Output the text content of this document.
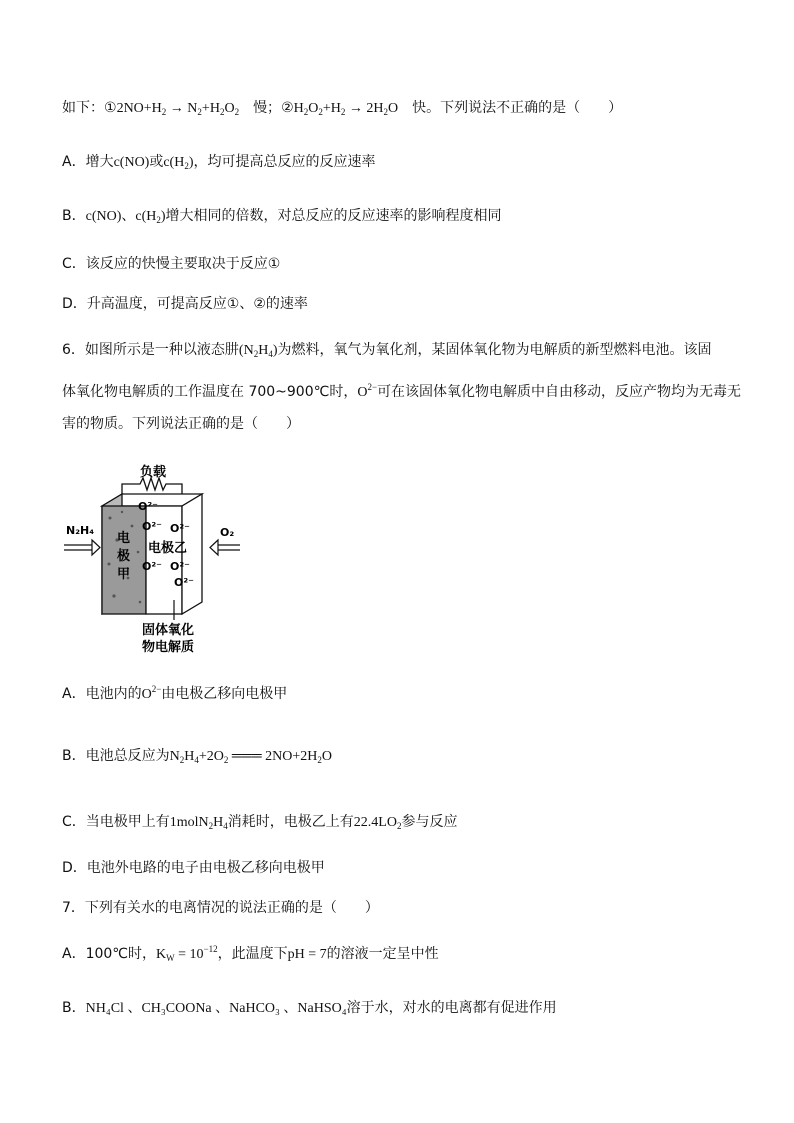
如下：$①2NO+H_2 \to N_2+H_2O_2$ 慢；$②H_2O_2+H_2 \to 2H_2O$ 快。下列说法不正确的是（　　）
A．增大c(NO)或$c(H_2)$，均可提高总反应的反应速率
B．c(NO)、$c(H_2)$增大相同的倍数，对总反应的反应速率的影响程度相同
C．该反应的快慢主要取决于反应①
D．升高温度，可提高反应①、②的速率
6．如图所示是一种以液态肼$(N_2H_4)$为燃料，氧气为氧化剂，某固体氧化物为电解质的新型燃料电池。该固
体氧化物电解质的工作温度在 700~900℃时，$O^{2-}$可在该固体氧化物电解质中自由移动，反应产物均为无毒无
害的物质。下列说法正确的是（　　）
负载
电
极
甲
O²⁻
O²⁻ O²⁻
O²⁻ O²⁻
O²⁻
电极乙
N₂H₄	O₂
固体氧化
物电解质
A．电池内的$O^{2-}$由电极乙移向电极甲
B．电池总反应为$N_2H_4+2O_2$ ═══ $2NO+2H_2O$
C．当电极甲上有$1molN_2H_4$消耗时，电极乙上有$22.4LO_2$参与反应
D．电池外电路的电子由电极乙移向电极甲
7．下列有关水的电离情况的说法正确的是（　　）
A．100℃时，$K_W = 10^{-12}$，此温度下pH = 7的溶液一定呈中性
B．NH₄Cl 、CH₃COONa 、NaHCO₃ 、NaHSO₄溶于水，对水的电离都有促进作用
